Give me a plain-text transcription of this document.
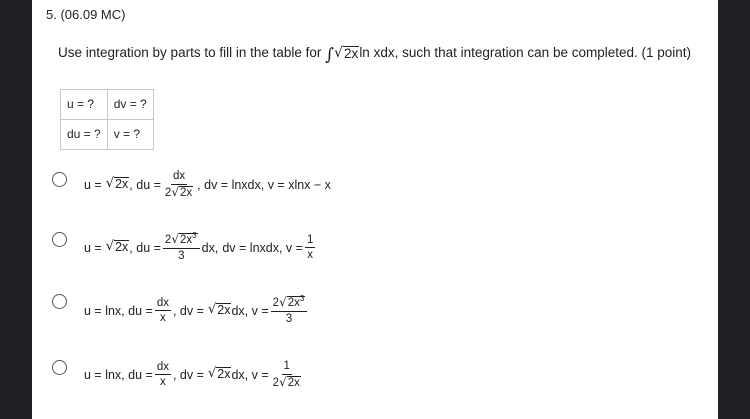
5. (06.09 MC)
Use integration by parts to fill in the table for ∫ √ 2x ln xdx, such that integration can be completed. (1 point)
u = ?	dv = ?
du = ?	v = ?
u = √ 2x , du = $\frac{dx}{2 √ 2x}$ , dv = lnxdx, v = xlnx − x
u = √ 2x , du = $\frac{2 √ 2x^3}{3}$ dx, dv = lnxdx, $v = \frac{1}{x}$
u = lnx, du = $\frac{dx}{x}$ , dv = √ 2x dx, $v = \frac{2 √ 2x^3}{3}$
u = lnx, du = $\frac{dx}{x}$ , dv = √ 2x dx, $v = \frac{1}{2 √ 2x}$
